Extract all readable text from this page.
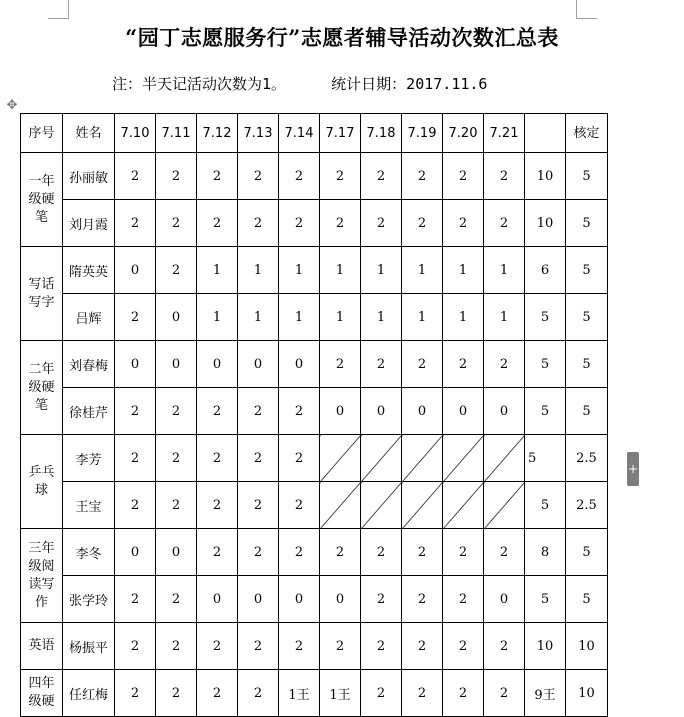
“园丁志愿服务行”志愿者辅导活动次数汇总表
注：半天记活动次数为1。     统计日期：2017.11.6
✥
+
序号	姓名	7.10	7.11	7.12	7.13	7.14	7.17	7.18	7.19	7.20	7.21		核定

一年级硬笔	孙丽敏	2	2	2	2	2	2	2	2	2	2	10	5
	刘月霞	2	2	2	2	2	2	2	2	2	2	10	5

写话写字	隋英英	0	2	1	1	1	1	1	1	1	1	6	5
	吕辉	2	0	1	1	1	1	1	1	1	1	5	5

二年级硬笔	刘春梅	0	0	0	0	0	2	2	2	2	2	5	5
	徐桂芹	2	2	2	2	2	0	0	0	0	0	5	5

乒乓球	李芳	2	2	2	2	2						5	2.5
	王宝	2	2	2	2	2						5	2.5

三年级阅读写作	李冬	0	0	2	2	2	2	2	2	2	2	8	5
	张学玲	2	2	0	0	0	0	2	2	2	0	5	5

英语	杨振平	2	2	2	2	2	2	2	2	2	2	10	10

四年级硬	任红梅	2	2	2	2	1王	1王	2	2	2	2	9王	10
